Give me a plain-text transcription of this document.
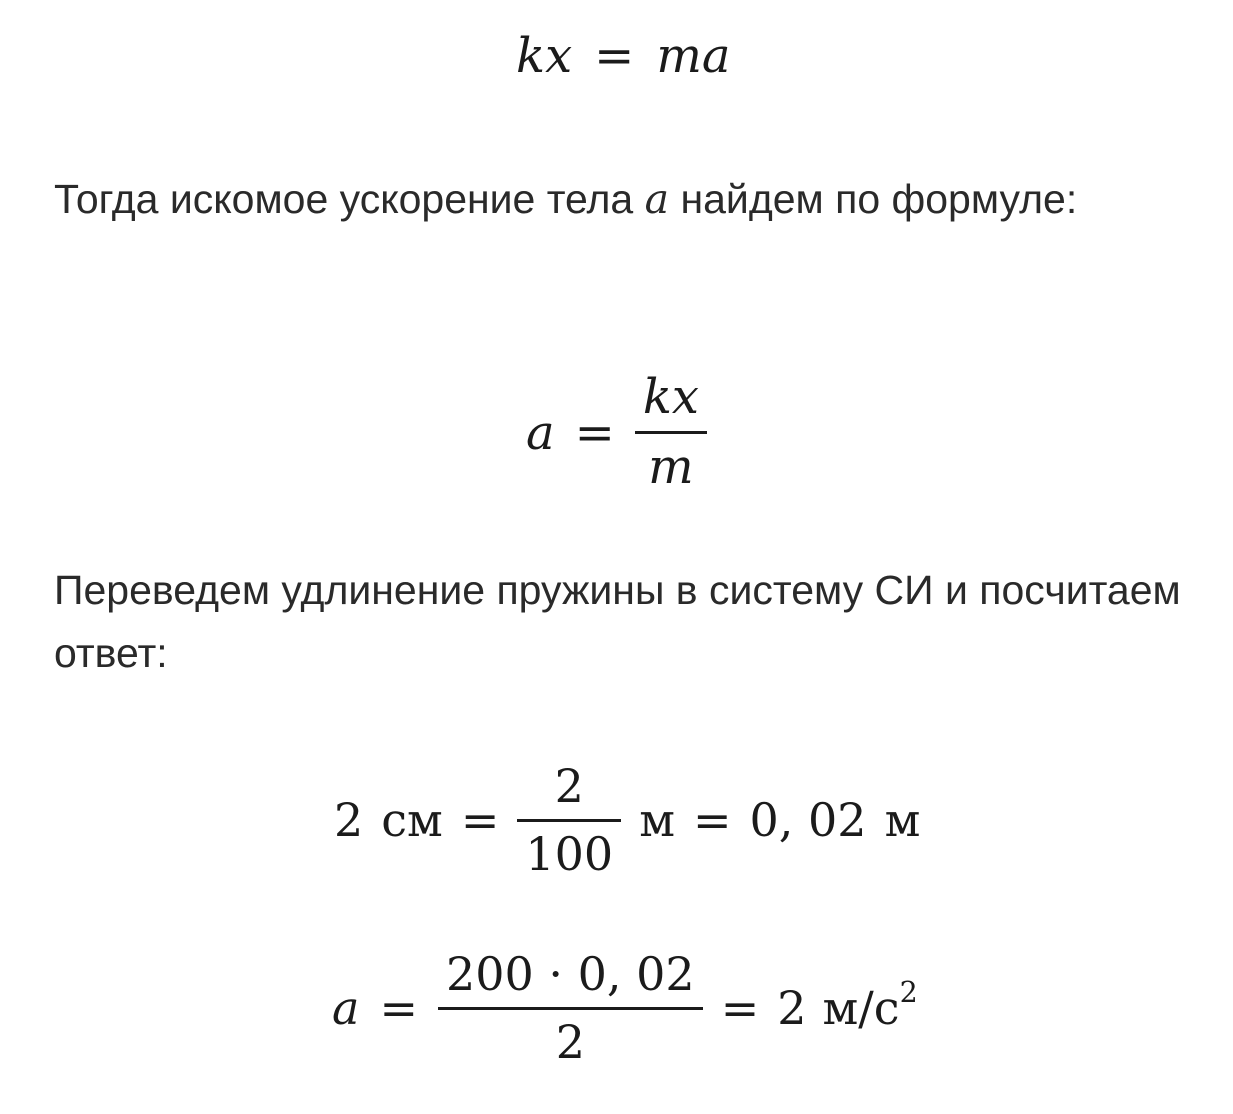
kx = ma

Тогда искомое ускорение тела a найдем по формуле:

$a = \frac{kx}{m}$

Переведем удлинение пружины в систему СИ и посчитаем ответ:

2 см = $\frac{2}{100}$ м = 0, 02 м
$a = \frac{200 \cdot 0, 02}{2} = 2$ $м/с^2$
